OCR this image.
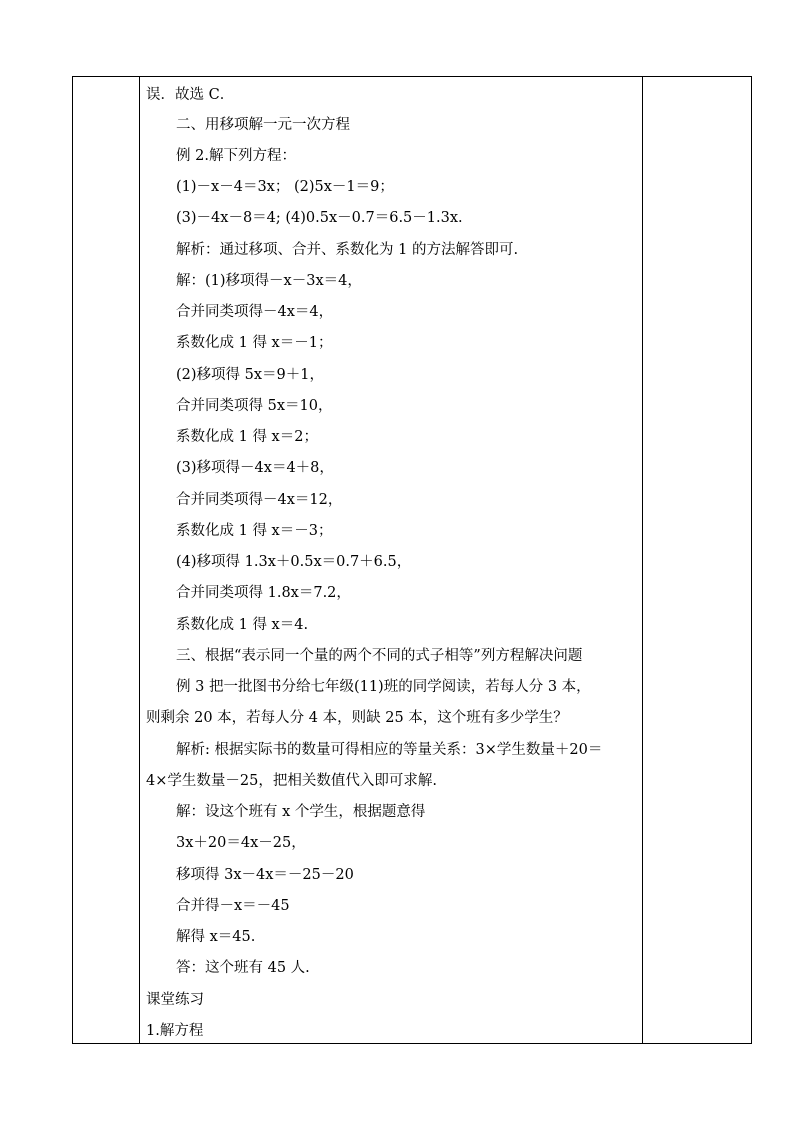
误．故选 C．
二、用移项解一元一次方程
例 2.解下列方程：
(1)－x－4＝3x； (2)5x－1＝9；
(3)－4x－8＝4; (4)0.5x－0.7＝6.5－1.3x.
解析：通过移项、合并、系数化为 1 的方法解答即可.
解：(1)移项得－x－3x＝4，
合并同类项得－4x＝4，
系数化成 1 得 x＝－1；
(2)移项得 5x＝9＋1，
合并同类项得 5x＝10，
系数化成 1 得 x＝2；
(3)移项得－4x＝4＋8，
合并同类项得－4x＝12，
系数化成 1 得 x＝－3；
(4)移项得 1.3x＋0.5x＝0.7＋6.5，
合并同类项得 1.8x＝7.2，
系数化成 1 得 x＝4.
三、根据“表示同一个量的两个不同的式子相等”列方程解决问题
例 3 把一批图书分给七年级(11)班的同学阅读，若每人分 3 本，
则剩余 20 本，若每人分 4 本，则缺 25 本，这个班有多少学生？
解析: 根据实际书的数量可得相应的等量关系：3×学生数量＋20＝
4×学生数量－25，把相关数值代入即可求解.
解：设这个班有 x 个学生，根据题意得
3x＋20＝4x－25，
移项得 3x－4x＝－25－20
合并得－x＝－45
解得 x＝45.
答：这个班有 45 人.
课堂练习
1.解方程
